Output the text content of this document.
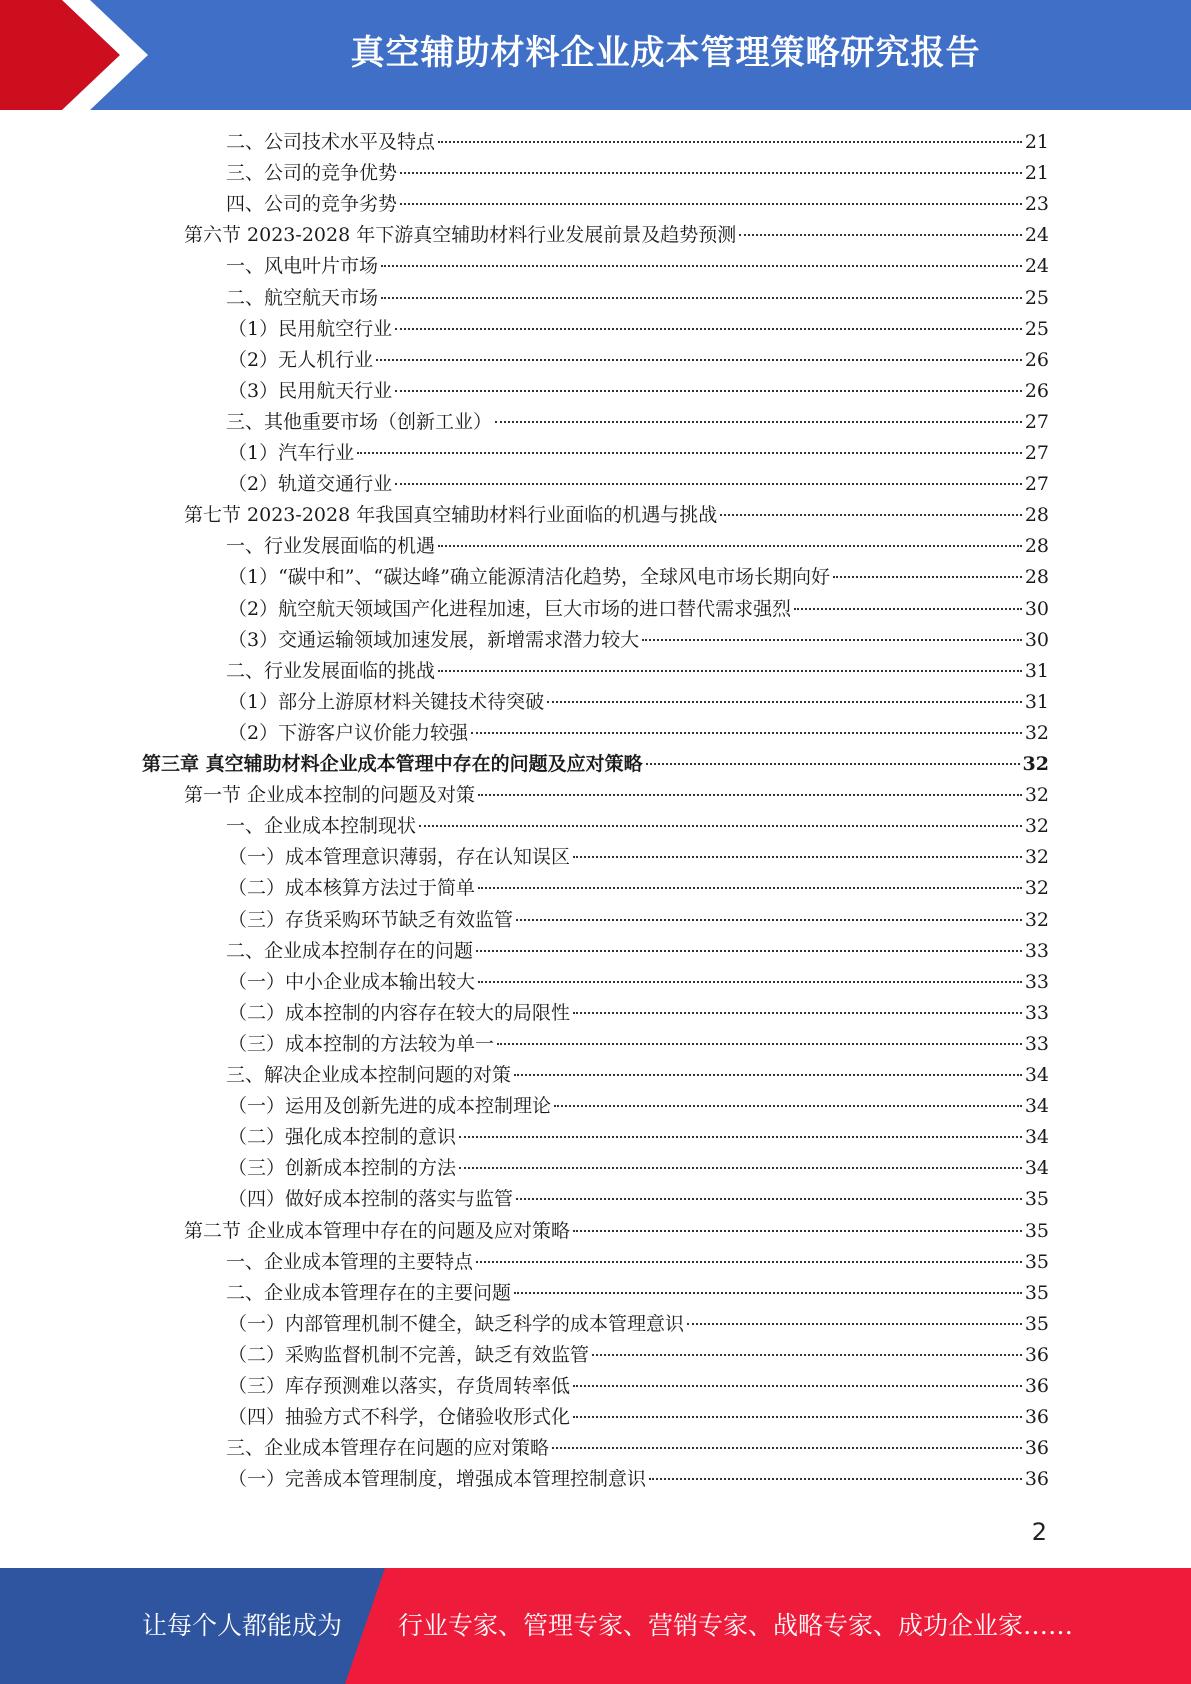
真空辅助材料企业成本管理策略研究报告
二、公司技术水平及特点	21
三、公司的竞争优势	21
四、公司的竞争劣势	23
第六节 2023-2028 年下游真空辅助材料行业发展前景及趋势预测	24
一、风电叶片市场	24
二、航空航天市场	25
（1）民用航空行业	25
（2）无人机行业	26
（3）民用航天行业	26
三、其他重要市场（创新工业）	27
（1）汽车行业	27
（2）轨道交通行业	27
第七节 2023-2028 年我国真空辅助材料行业面临的机遇与挑战	28
一、行业发展面临的机遇	28
（1）“碳中和”、“碳达峰”确立能源清洁化趋势，全球风电市场长期向好	28
（2）航空航天领域国产化进程加速，巨大市场的进口替代需求强烈	30
（3）交通运输领域加速发展，新增需求潜力较大	30
二、行业发展面临的挑战	31
（1）部分上游原材料关键技术待突破	31
（2）下游客户议价能力较强	32
第三章 真空辅助材料企业成本管理中存在的问题及应对策略	32
第一节 企业成本控制的问题及对策	32
一、企业成本控制现状	32
（一）成本管理意识薄弱，存在认知误区	32
（二）成本核算方法过于简单	32
（三）存货采购环节缺乏有效监管	32
二、企业成本控制存在的问题	33
（一）中小企业成本输出较大	33
（二）成本控制的内容存在较大的局限性	33
（三）成本控制的方法较为单一	33
三、解决企业成本控制问题的对策	34
（一）运用及创新先进的成本控制理论	34
（二）强化成本控制的意识	34
（三）创新成本控制的方法	34
（四）做好成本控制的落实与监管	35
第二节 企业成本管理中存在的问题及应对策略	35
一、企业成本管理的主要特点	35
二、企业成本管理存在的主要问题	35
（一）内部管理机制不健全，缺乏科学的成本管理意识	35
（二）采购监督机制不完善，缺乏有效监管	36
（三）库存预测难以落实，存货周转率低	36
（四）抽验方式不科学，仓储验收形式化	36
三、企业成本管理存在问题的应对策略	36
（一）完善成本管理制度，增强成本管理控制意识	36
2
让每个人都能成为 行业专家、管理专家、营销专家、战略专家、成功企业家……
